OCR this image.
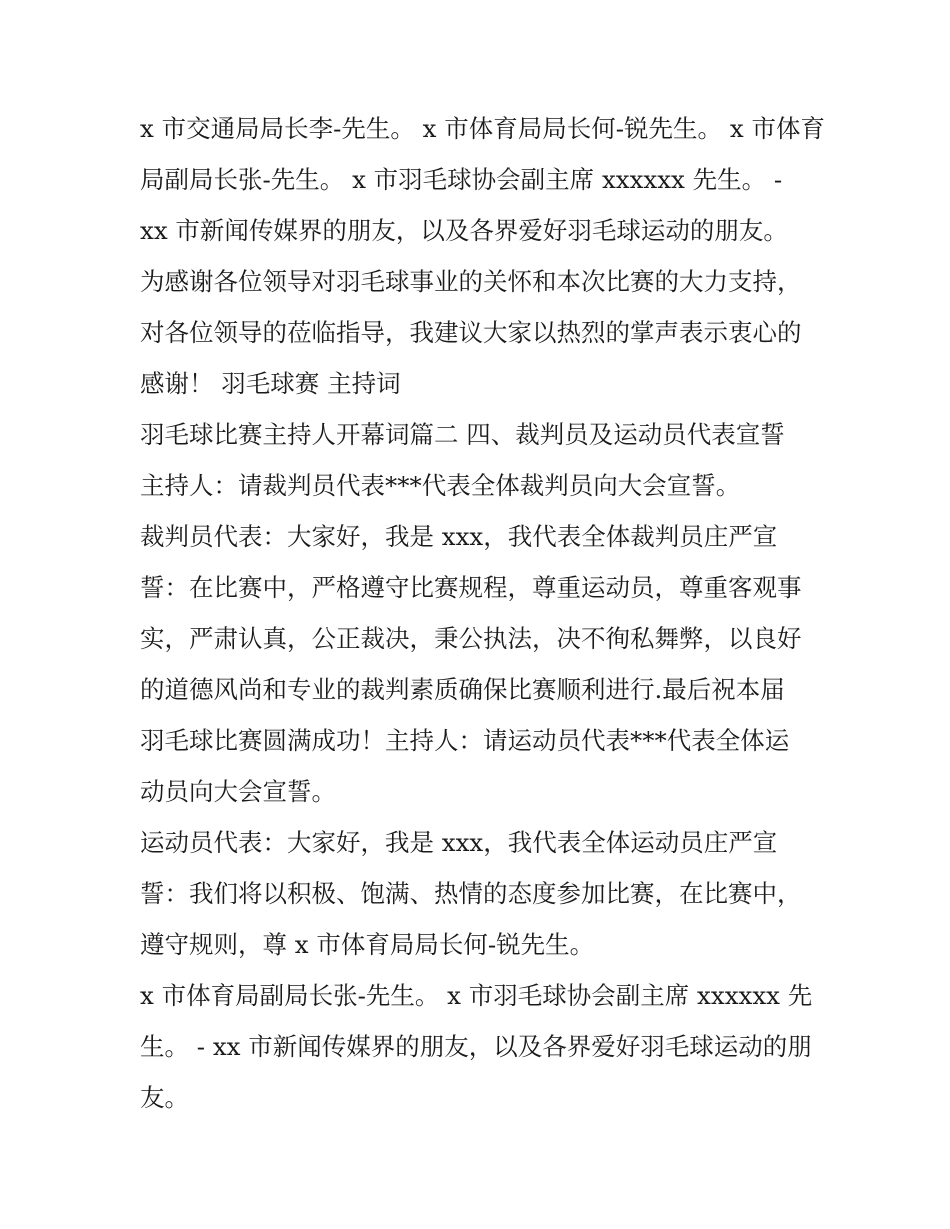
x 市交通局局长李-先生。 x 市体育局局长何-锐先生。 x 市体育
局副局长张-先生。 x 市羽毛球协会副主席 xxxxxx 先生。 -
xx 市新闻传媒界的朋友，以及各界爱好羽毛球运动的朋友。
为感谢各位领导对羽毛球事业的关怀和本次比赛的大力支持，
对各位领导的莅临指导，我建议大家以热烈的掌声表示衷心的
感谢！ 羽毛球赛 主持词
羽毛球比赛主持人开幕词篇二 四、裁判员及运动员代表宣誓
主持人：请裁判员代表***代表全体裁判员向大会宣誓。
裁判员代表：大家好，我是 xxx，我代表全体裁判员庄严宣
誓：在比赛中，严格遵守比赛规程，尊重运动员，尊重客观事
实，严肃认真，公正裁决，秉公执法，决不徇私舞弊，以良好
的道德风尚和专业的裁判素质确保比赛顺利进行.最后祝本届
羽毛球比赛圆满成功！主持人：请运动员代表***代表全体运
动员向大会宣誓。
运动员代表：大家好，我是 xxx，我代表全体运动员庄严宣
誓：我们将以积极、饱满、热情的态度参加比赛，在比赛中，
遵守规则，尊 x 市体育局局长何-锐先生。
x 市体育局副局长张-先生。 x 市羽毛球协会副主席 xxxxxx 先
生。 - xx 市新闻传媒界的朋友，以及各界爱好羽毛球运动的朋
友。
